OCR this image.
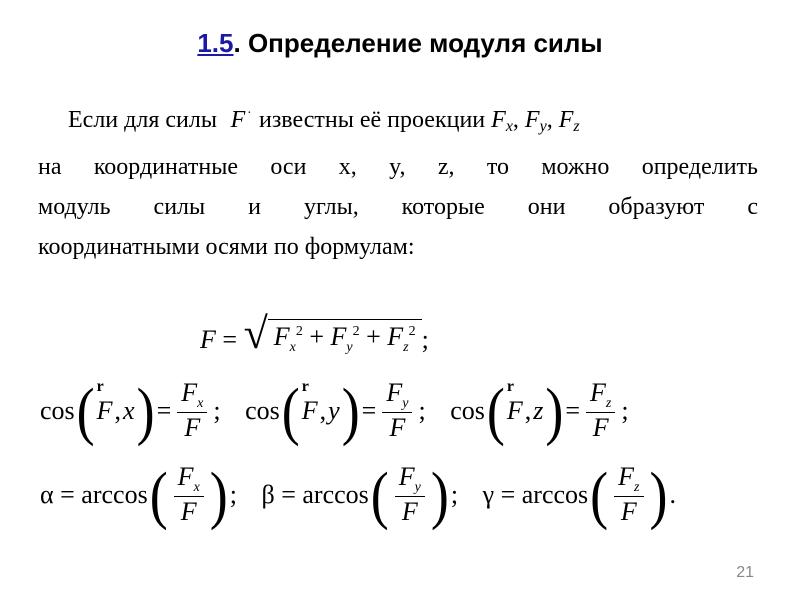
1.5. Определение модуля силы
Если для силы F · известны её проекции Fx, Fy, Fz
на координатные оси x, y, z, то можно определить
модуль силы и углы, которые они образуют с
координатными осями по формулам:
F = √ $F_x^2 + F_y^2 + F_z^2$ ;
cos ( r
F , x ) = $\frac{F_x}{F}$ ; cos ( r
F , y ) = $\frac{F_y}{F}$ ; cos ( r
F , z ) = $\frac{F_z}{F}$ ;
α = arccos ( $\frac{F_x}{F}$ ) ; β = arccos ( $\frac{F_y}{F}$ ) ; γ = arccos ( $\frac{F_z}{F}$ ) .
21
